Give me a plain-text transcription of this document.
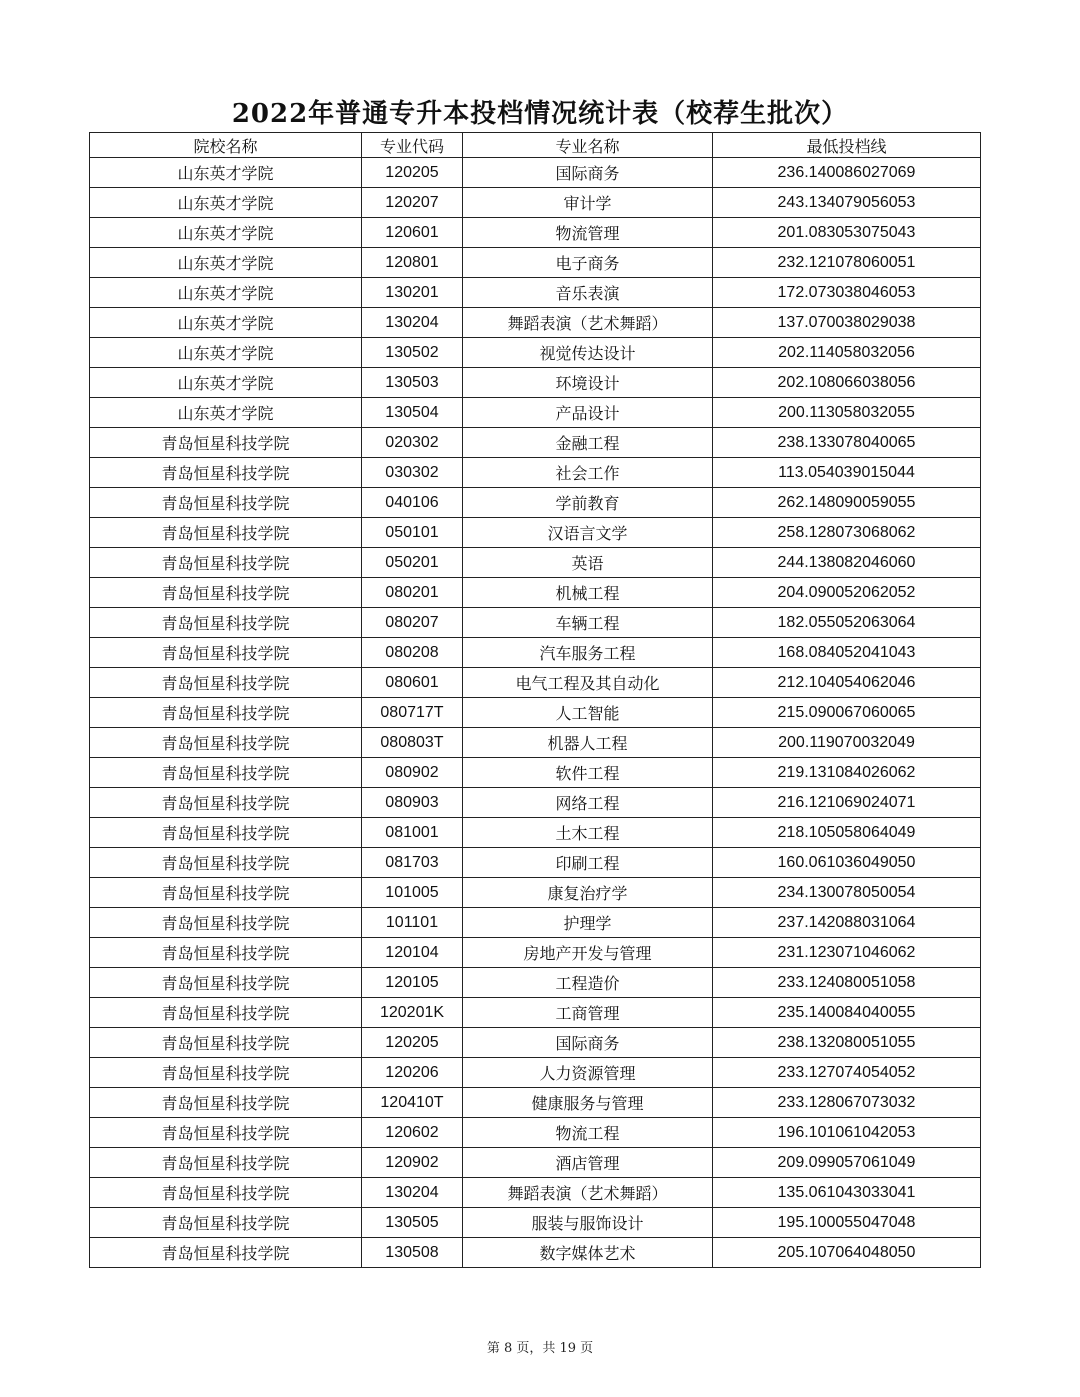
2022年普通专升本投档情况统计表（校荐生批次）
院校名称	专业代码	专业名称	最低投档线
山东英才学院	120205	国际商务	236.140086027069
山东英才学院	120207	审计学	243.134079056053
山东英才学院	120601	物流管理	201.083053075043
山东英才学院	120801	电子商务	232.121078060051
山东英才学院	130201	音乐表演	172.073038046053
山东英才学院	130204	舞蹈表演（艺术舞蹈）	137.070038029038
山东英才学院	130502	视觉传达设计	202.114058032056
山东英才学院	130503	环境设计	202.108066038056
山东英才学院	130504	产品设计	200.113058032055
青岛恒星科技学院	020302	金融工程	238.133078040065
青岛恒星科技学院	030302	社会工作	113.054039015044
青岛恒星科技学院	040106	学前教育	262.148090059055
青岛恒星科技学院	050101	汉语言文学	258.128073068062
青岛恒星科技学院	050201	英语	244.138082046060
青岛恒星科技学院	080201	机械工程	204.090052062052
青岛恒星科技学院	080207	车辆工程	182.055052063064
青岛恒星科技学院	080208	汽车服务工程	168.084052041043
青岛恒星科技学院	080601	电气工程及其自动化	212.104054062046
青岛恒星科技学院	080717T	人工智能	215.090067060065
青岛恒星科技学院	080803T	机器人工程	200.119070032049
青岛恒星科技学院	080902	软件工程	219.131084026062
青岛恒星科技学院	080903	网络工程	216.121069024071
青岛恒星科技学院	081001	土木工程	218.105058064049
青岛恒星科技学院	081703	印刷工程	160.061036049050
青岛恒星科技学院	101005	康复治疗学	234.130078050054
青岛恒星科技学院	101101	护理学	237.142088031064
青岛恒星科技学院	120104	房地产开发与管理	231.123071046062
青岛恒星科技学院	120105	工程造价	233.124080051058
青岛恒星科技学院	120201K	工商管理	235.140084040055
青岛恒星科技学院	120205	国际商务	238.132080051055
青岛恒星科技学院	120206	人力资源管理	233.127074054052
青岛恒星科技学院	120410T	健康服务与管理	233.128067073032
青岛恒星科技学院	120602	物流工程	196.101061042053
青岛恒星科技学院	120902	酒店管理	209.099057061049
青岛恒星科技学院	130204	舞蹈表演（艺术舞蹈）	135.061043033041
青岛恒星科技学院	130505	服装与服饰设计	195.100055047048
青岛恒星科技学院	130508	数字媒体艺术	205.107064048050
第 8 页，共 19 页
